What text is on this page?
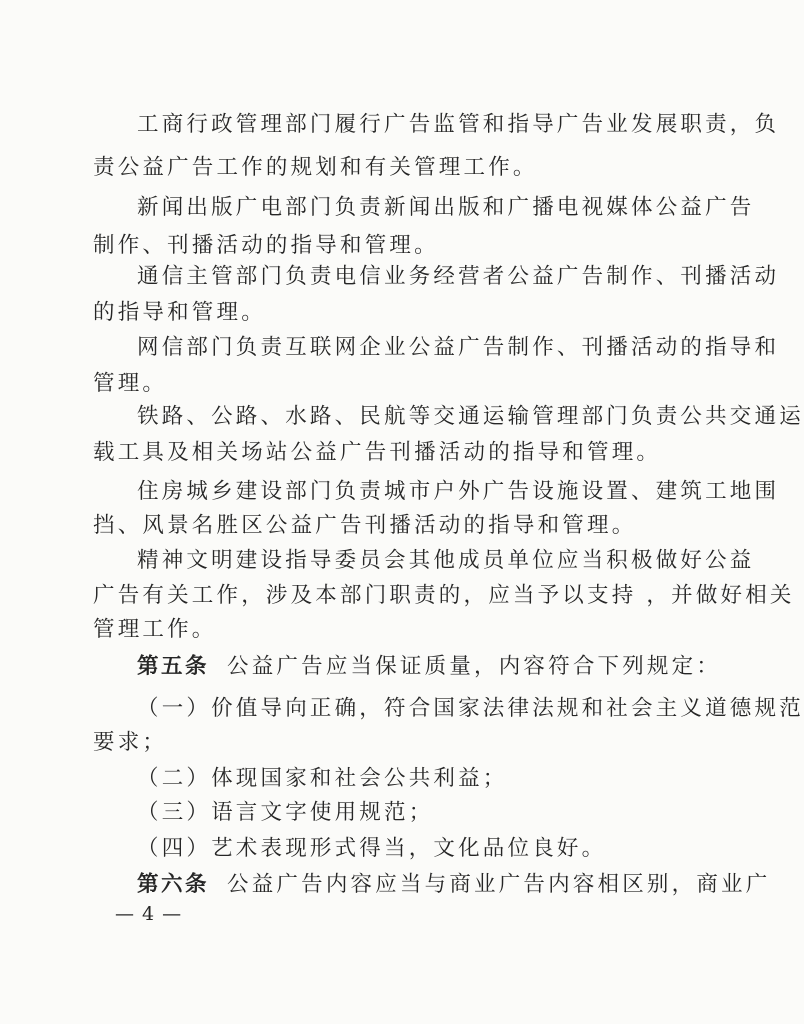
工商行政管理部门履行广告监管和指导广告业发展职责，负
责公益广告工作的规划和有关管理工作。
新闻出版广电部门负责新闻出版和广播电视媒体公益广告
制作、刊播活动的指导和管理。
通信主管部门负责电信业务经营者公益广告制作、刊播活动
的指导和管理。
网信部门负责互联网企业公益广告制作、刊播活动的指导和
管理。
铁路、公路、水路、民航等交通运输管理部门负责公共交通运
载工具及相关场站公益广告刊播活动的指导和管理。
住房城乡建设部门负责城市户外广告设施设置、建筑工地围
挡、风景名胜区公益广告刊播活动的指导和管理。
精神文明建设指导委员会其他成员单位应当积极做好公益
广告有关工作，涉及本部门职责的，应当予以支持 ，并做好相关
管理工作。
第五条 公益广告应当保证质量，内容符合下列规定：
（一）价值导向正确，符合国家法律法规和社会主义道德规范
要求；
（二）体现国家和社会公共利益；
（三）语言文字使用规范；
（四）艺术表现形式得当，文化品位良好。
第六条 公益广告内容应当与商业广告内容相区别，商业广
— 4 —
